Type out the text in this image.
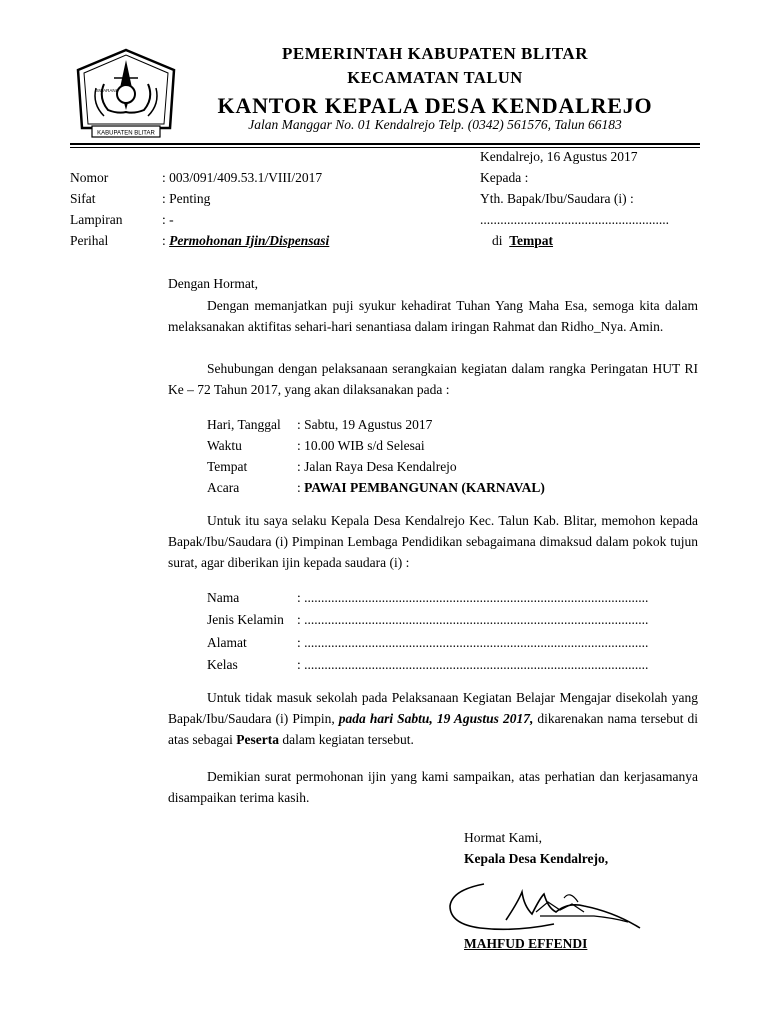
KABUPATEN BLITAR
SWARANI
PEMERINTAH KABUPATEN BLITAR
KECAMATAN TALUN
KANTOR KEPALA DESA KENDALREJO
Jalan Manggar No. 01 Kendalrejo Telp. (0342) 561576, Talun 66183
Kendalrejo, 16 Agustus 2017
Nomor	: 003/091/409.53.1/VIII/2017	Kepada :
Sifat	: Penting	Yth. Bapak/Ibu/Saudara (i) :
Lampiran	: -	........................................................
Perihal	: Permohonan Ijin/Dispensasi	di Tempat
Dengan Hormat,
Dengan memanjatkan puji syukur kehadirat Tuhan Yang Maha Esa, semoga kita dalam melaksanakan aktifitas sehari-hari senantiasa dalam iringan Rahmat dan Ridho_Nya. Amin.
Sehubungan dengan pelaksanaan serangkaian kegiatan dalam rangka Peringatan HUT RI Ke – 72 Tahun 2017, yang akan dilaksanakan pada :
Hari, Tanggal : Sabtu, 19 Agustus 2017
Waktu	: 10.00 WIB s/d Selesai
Tempat	: Jalan Raya Desa Kendalrejo
Acara	: PAWAI PEMBANGUNAN (KARNAVAL)
Untuk itu saya selaku Kepala Desa Kendalrejo Kec. Talun Kab. Blitar, memohon kepada Bapak/Ibu/Saudara (i) Pimpinan Lembaga Pendidikan sebagaimana dimaksud dalam pokok tujun surat, agar diberikan ijin kepada saudara (i) :
Nama	: ......................................................................................................
Jenis Kelamin : ......................................................................................................
Alamat	: ......................................................................................................
Kelas	: ......................................................................................................
Untuk tidak masuk sekolah pada Pelaksanaan Kegiatan Belajar Mengajar disekolah yang Bapak/Ibu/Saudara (i) Pimpin, pada hari Sabtu, 19 Agustus 2017, dikarenakan nama tersebut di atas sebagai Peserta dalam kegiatan tersebut.
Demikian surat permohonan ijin yang kami sampaikan, atas perhatian dan kerjasamanya disampaikan terima kasih.
Hormat Kami,
Kepala Desa Kendalrejo,
MAHFUD EFFENDI
